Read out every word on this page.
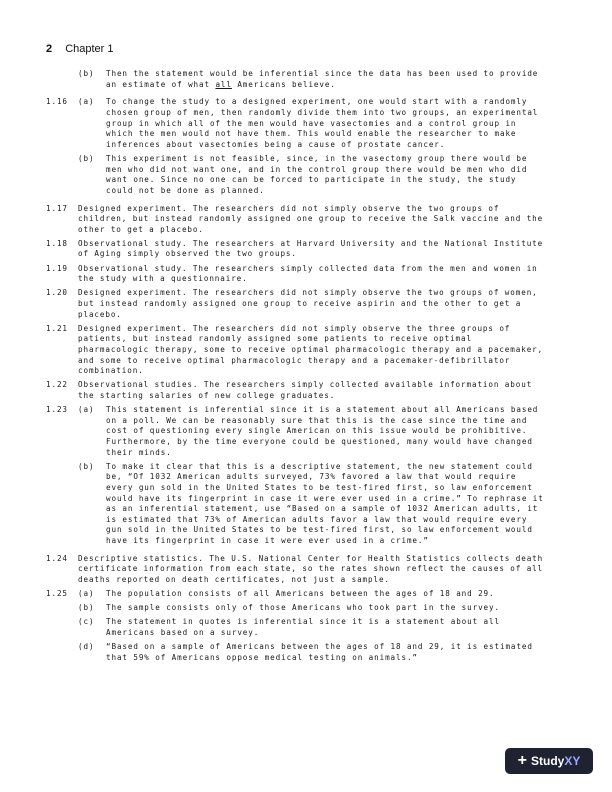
2 Chapter 1
(b)	Then the statement would be inferential since the data has been used to provide an estimate of what all Americans believe.
1.16	(a)	To change the study to a designed experiment, one would start with a randomly chosen group of men, then randomly divide them into two groups, an experimental group in which all of the men would have vasectomies and a control group in which the men would not have them. This would enable the researcher to make inferences about vasectomies being a cause of prostate cancer.
(b)	This experiment is not feasible, since, in the vasectomy group there would be men who did not want one, and in the control group there would be men who did want one. Since no one can be forced to participate in the study, the study could not be done as planned.
1.17	Designed experiment. The researchers did not simply observe the two groups of children, but instead randomly assigned one group to receive the Salk vaccine and the other to get a placebo.
1.18	Observational study. The researchers at Harvard University and the National Institute of Aging simply observed the two groups.
1.19	Observational study. The researchers simply collected data from the men and women in the study with a questionnaire.
1.20	Designed experiment. The researchers did not simply observe the two groups of women, but instead randomly assigned one group to receive aspirin and the other to get a placebo.
1.21	Designed experiment. The researchers did not simply observe the three groups of patients, but instead randomly assigned some patients to receive optimal pharmacologic therapy, some to receive optimal pharmacologic therapy and a pacemaker, and some to receive optimal pharmacologic therapy and a pacemaker-defibrillator combination.
1.22	Observational studies. The researchers simply collected available information about the starting salaries of new college graduates.
1.23	(a)	This statement is inferential since it is a statement about all Americans based on a poll. We can be reasonably sure that this is the case since the time and cost of questioning every single American on this issue would be prohibitive. Furthermore, by the time everyone could be questioned, many would have changed their minds.
(b)	To make it clear that this is a descriptive statement, the new statement could be, “Of 1032 American adults surveyed, 73% favored a law that would require every gun sold in the United States to be test-fired first, so law enforcement would have its fingerprint in case it were ever used in a crime.” To rephrase it as an inferential statement, use “Based on a sample of 1032 American adults, it is estimated that 73% of American adults favor a law that would require every gun sold in the United States to be test-fired first, so law enforcement would have its fingerprint in case it were ever used in a crime.”
1.24	Descriptive statistics. The U.S. National Center for Health Statistics collects death certificate information from each state, so the rates shown reflect the causes of all deaths reported on death certificates, not just a sample.
1.25	(a)	The population consists of all Americans between the ages of 18 and 29.
(b)	The sample consists only of those Americans who took part in the survey.
(c)	The statement in quotes is inferential since it is a statement about all Americans based on a survey.
(d)	“Based on a sample of Americans between the ages of 18 and 29, it is estimated that 59% of Americans oppose medical testing on animals.”
+ StudyXY
